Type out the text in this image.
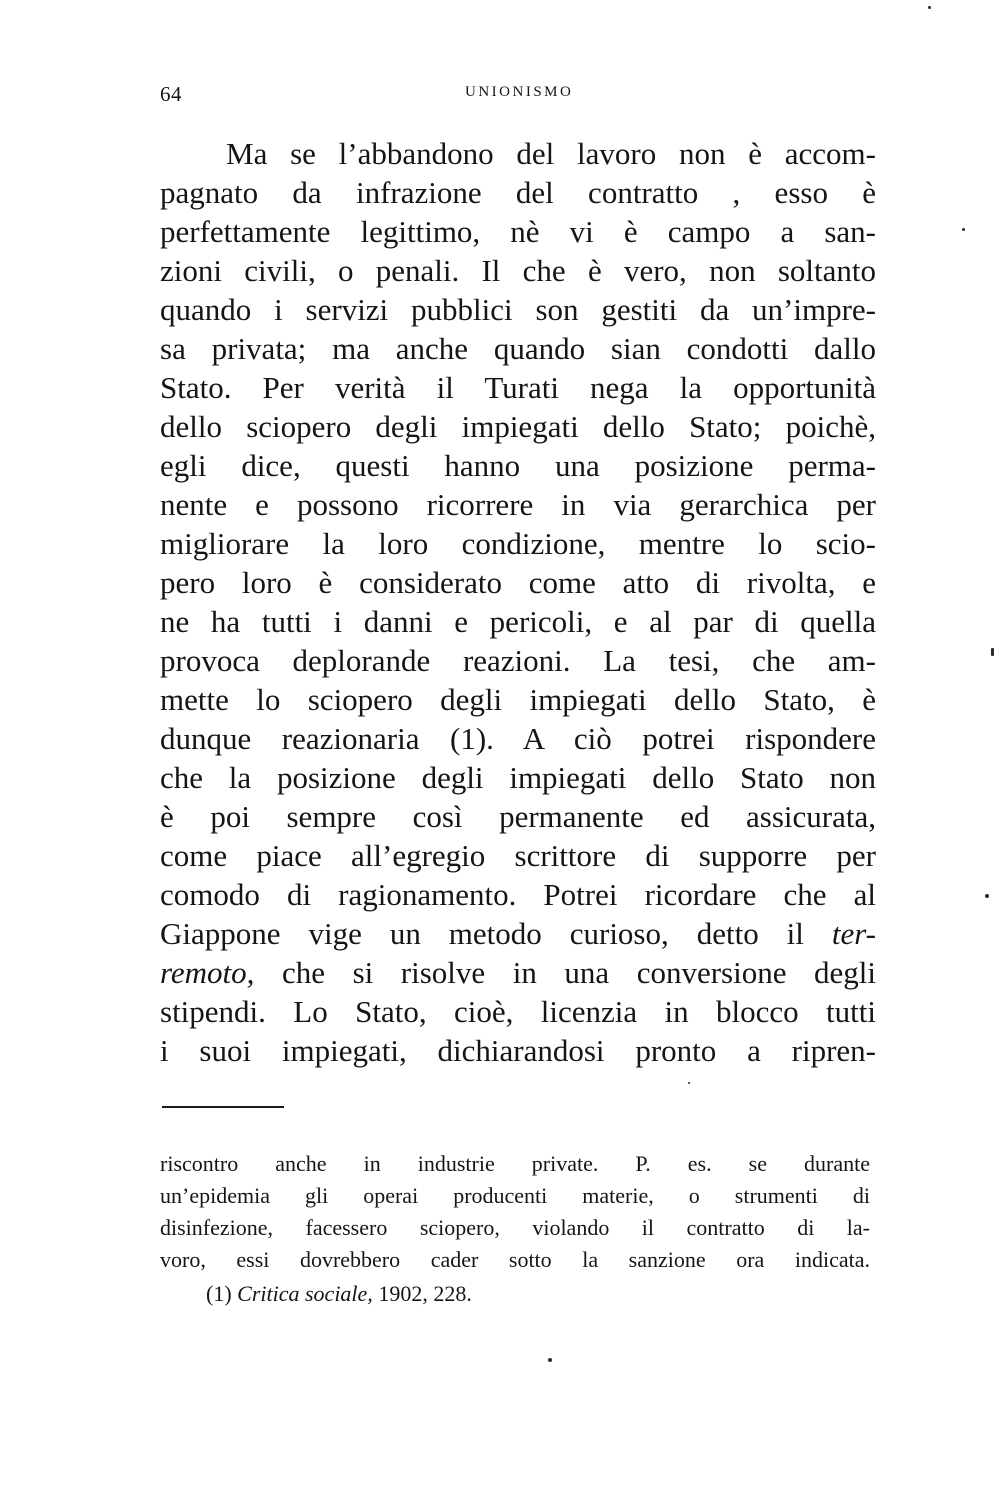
64	UNIONISMO
Ma se l’abbandono del lavoro non è accom-
pagnato da infrazione del contratto , esso è
perfettamente legittimo, nè vi è campo a san-
zioni civili, o penali. Il che è vero, non soltanto
quando i servizi pubblici son gestiti da un’impre-
sa privata; ma anche quando sian condotti dallo
Stato. Per verità il Turati nega la opportunità
dello sciopero degli impiegati dello Stato; poichè,
egli dice, questi hanno una posizione perma-
nente e possono ricorrere in via gerarchica per
migliorare la loro condizione, mentre lo scio-
pero loro è considerato come atto di rivolta, e
ne ha tutti i danni e pericoli, e al par di quella
provoca deplorande reazioni. La tesi, che am-
mette lo sciopero degli impiegati dello Stato, è
dunque reazionaria (1). A ciò potrei rispondere
che la posizione degli impiegati dello Stato non
è poi sempre così permanente ed assicurata,
come piace all’egregio scrittore di supporre per
comodo di ragionamento. Potrei ricordare che al
Giappone vige un metodo curioso, detto il ter-
remoto, che si risolve in una conversione degli
stipendi. Lo Stato, cioè, licenzia in blocco tutti
i suoi impiegati, dichiarandosi pronto a ripren-
riscontro anche in industrie private. P. es. se durante
un’epidemia gli operai producenti materie, o strumenti di
disinfezione, facessero sciopero, violando il contratto di la-
voro, essi dovrebbero cader sotto la sanzione ora indicata.
(1) Critica sociale, 1902, 228.
